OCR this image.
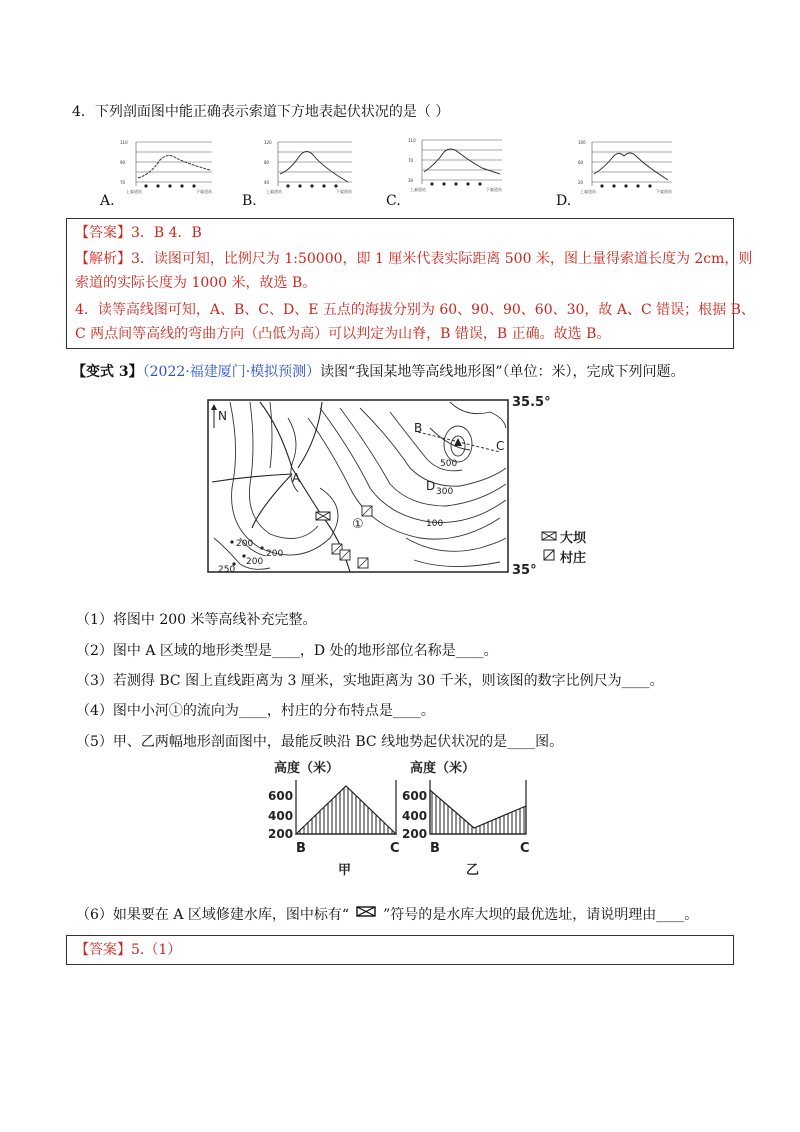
4．下列剖面图中能正确表示索道下方地表起伏状况的是（ ）
110
90
70
上索道站	下索道站
A.
120
80
40
上索道站	下索道站
B.
110
70
30
上索道站	下索道站
C.
100
60
20
上索道站	下索道站
D.
【答案】3．B 4．B
【解析】3．读图可知，比例尺为 1:50000，即 1 厘米代表实际距离 500 米，图上量得索道长度为 2cm，则
索道的实际长度为 1000 米，故选 B。
4．读等高线图可知，A、B、C、D、E 五点的海拔分别为 60、90、90、60、30，故 A、C 错误；根据 B、
C 两点间等高线的弯曲方向（凸低为高）可以判定为山脊，B 错误，B 正确。故选 B。
【变式 3】（2022·福建厦门·模拟预测）读图“我国某地等高线地形图”（单位：米），完成下列问题。
N
A
B
C
D
500
300
100
200
200
200
250
①
35.5°
35°
大坝
村庄
（1）将图中 200 米等高线补充完整。
（2）图中 A 区域的地形类型是____，D 处的地形部位名称是____。
（3）若测得 BC 图上直线距离为 3 厘米，实地距离为 30 千米，则该图的数字比例尺为____。
（4）图中小河①的流向为____，村庄的分布特点是____。
（5）甲、乙两幅地形剖面图中，最能反映沿 BC 线地势起伏状况的是____图。
高度（米）
600
400
200
B	C
甲
高度（米）
600
400
200
B	C
乙
（6）如果要在 A 区域修建水库，图中标有“ ”符号的是水库大坝的最优选址，请说明理由____。
【答案】5.（1）
